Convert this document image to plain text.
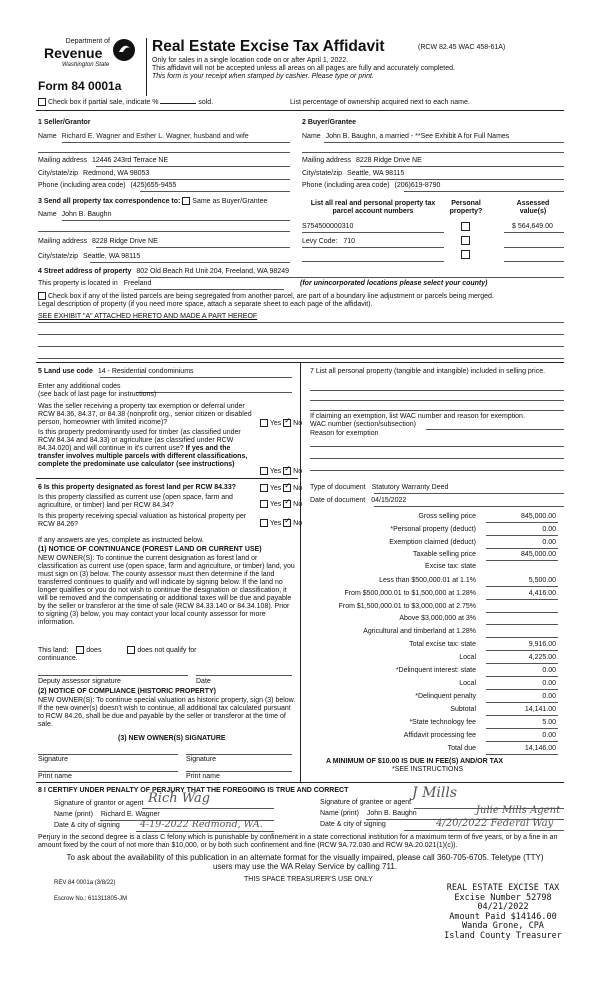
Department of
Revenue
Washington State
Form 84 0001a
Real Estate Excise Tax Affidavit	(RCW 82.45 WAC 458-61A)
Only for sales in a single location code on or after April 1, 2022.
This affidavit will not be accepted unless all areas on all pages are fully and accurately completed.
This form is your receipt when stamped by cashier. Please type or print.
Check box if partial sale, indicate %	sold.	List percentage of ownership acquired next to each name.
1 Seller/Grantor
Name Richard E. Wagner and Esther L. Wagner, husband and wife
Mailing address 12446 243rd Terrace NE
City/state/zip Redmond, WA 98053
Phone (including area code) (425)655-9455
2 Buyer/Grantee
Name John B. Baughn, a married - **See Exhibit A for Full Names
Mailing address 8228 Ridge Drive NE
City/state/zip Seattle, WA 98115
Phone (including area code) (206)619-8790
3 Send all property tax correspondence to: Same as Buyer/Grantee
Name John B. Baughn
Mailing address 8228 Ridge Drive NE
City/state/zip Seattle, WA 98115
List all real and personal property tax parcel account numbers
Personal property?
Assessed value(s)
S754500000310	$ 564,649.00
Levy Code: 710
4 Street address of property 802 Old Beach Rd Unit 204, Freeland, WA 98249
This property is located in Freeland	(for unincorporated locations please select your county)
Check box if any of the listed parcels are being segregated from another parcel, are part of a boundary line adjustment or parcels being merged.
Legal description of property (if you need more space, attach a separate sheet to each page of the affidavit).
SEE EXHIBIT "A" ATTACHED HERETO AND MADE A PART HEREOF
5 Land use code 14 - Residential condominiums
Enter any additional codes
(see back of last page for instructions)
Was the seller receiving a property tax exemption or deferral under RCW 84.36, 84.37, or 84.38 (nonprofit org., senior citizen or disabled person, homeowner with limited income)?	Yes ✓ No
Is this property predominantly used for timber (as classified under RCW 84.34 and 84.33) or agriculture (as classified under RCW 84.34.020) and will continue in it's current use? If yes and the transfer involves multiple parcels with different classifications, complete the predominate use calculator (see instructions)
Yes ✓ No
6 Is this property designated as forest land per RCW 84.33?	Yes ✓ No
Is this property classified as current use (open space, farm and agriculture, or timber) land per RCW 84.34?	Yes ✓ No
Is this property receiving special valuation as historical property per RCW 84.26?	Yes ✓ No
If any answers are yes, complete as instructed below.
(1) NOTICE OF CONTINUANCE (FOREST LAND OR CURRENT USE)
NEW OWNER(S): To continue the current designation as forest land or classification as current use (open space, farm and agriculture, or timber) land, you must sign on (3) below. The county assessor must then determine if the land transferred continues to qualify and will indicate by signing below. If the land no longer qualifies or you do not wish to continue the designation or classification, it will be removed and the compensating or additional taxes will be due and payable by the seller or transferor at the time of sale (RCW 84.33.140 or 84.34.108). Prior to signing (3) below, you may contact your local county assessor for more information.
This land:	does	does not qualify for
continuance.
Deputy assessor signature	Date
(2) NOTICE OF COMPLIANCE (HISTORIC PROPERTY)
NEW OWNER(S): To continue special valuation as historic property, sign (3) below. If the new owner(s) doesn't wish to continue, all additional tax calculated pursuant to RCW 84.26, shall be due and payable by the seller or transferor at the time of sale.
(3) NEW OWNER(S) SIGNATURE
Signature	Signature
Print name	Print name
7 List all personal property (tangible and intangible) included in selling price.
If claiming an exemption, list WAC number and reason for exemption.
WAC number (section/subsection)
Reason for exemption
Type of document Statutory Warranty Deed
Date of document 04/15/2022
Gross selling price	845,000.00
*Personal property (deduct)	0.00
Exemption claimed (deduct)	0.00
Taxable selling price	845,000.00
Excise tax: state
Less than $500,000.01 at 1.1%	5,500.00
From $500,000.01 to $1,500,000 at 1.28%	4,416.00
From $1,500,000.01 to $3,000,000 at 2.75%
Above $3,000,000 at 3%
Agricultural and timberland at 1.28%
Total excise tax: state	9,916.00
Local	4,225.00
*Delinquent interest: state	0.00
Local	0.00
*Delinquent penalty	0.00
Subtotal	14,141.00
*State technology fee	5.00
Affidavit processing fee	0.00
Total due	14,146.00
A MINIMUM OF $10.00 IS DUE IN FEE(S) AND/OR TAX
*SEE INSTRUCTIONS
8 I CERTIFY UNDER PENALTY OF PERJURY THAT THE FOREGOING IS TRUE AND CORRECT
Signature of grantor or agent Rich Wag
Name (print) Richard E. Wagner
Date & city of signing 4-19-2022 Redmond, WA.
Signature of grantee or agent
J Mills
Name (print) John B. Baughn	Julie Mills Agent
Date & city of signing	4/20/2022 Federal Way
Perjury in the second degree is a class C felony which is punishable by confinement in a state correctional institution for a maximum term of five years, or by a fine in an amount fixed by the court of not more than $10,000, or by both such confinement and fine (RCW 9A.72.030 and RCW 9A.20.021(1)(c)).
To ask about the availability of this publication in an alternate format for the visually impaired, please call 360-705-6705. Teletype (TTY) users may use the WA Relay Service by calling 711.
REV 84 0001a (3/8/22)	THIS SPACE TREASURER'S USE ONLY
Escrow No.: 611311805-JM
REAL ESTATE EXCISE TAX
Excise Number 52798
04/21/2022
Amount Paid $14146.00
Wanda Grone, CPA
Island County Treasurer
